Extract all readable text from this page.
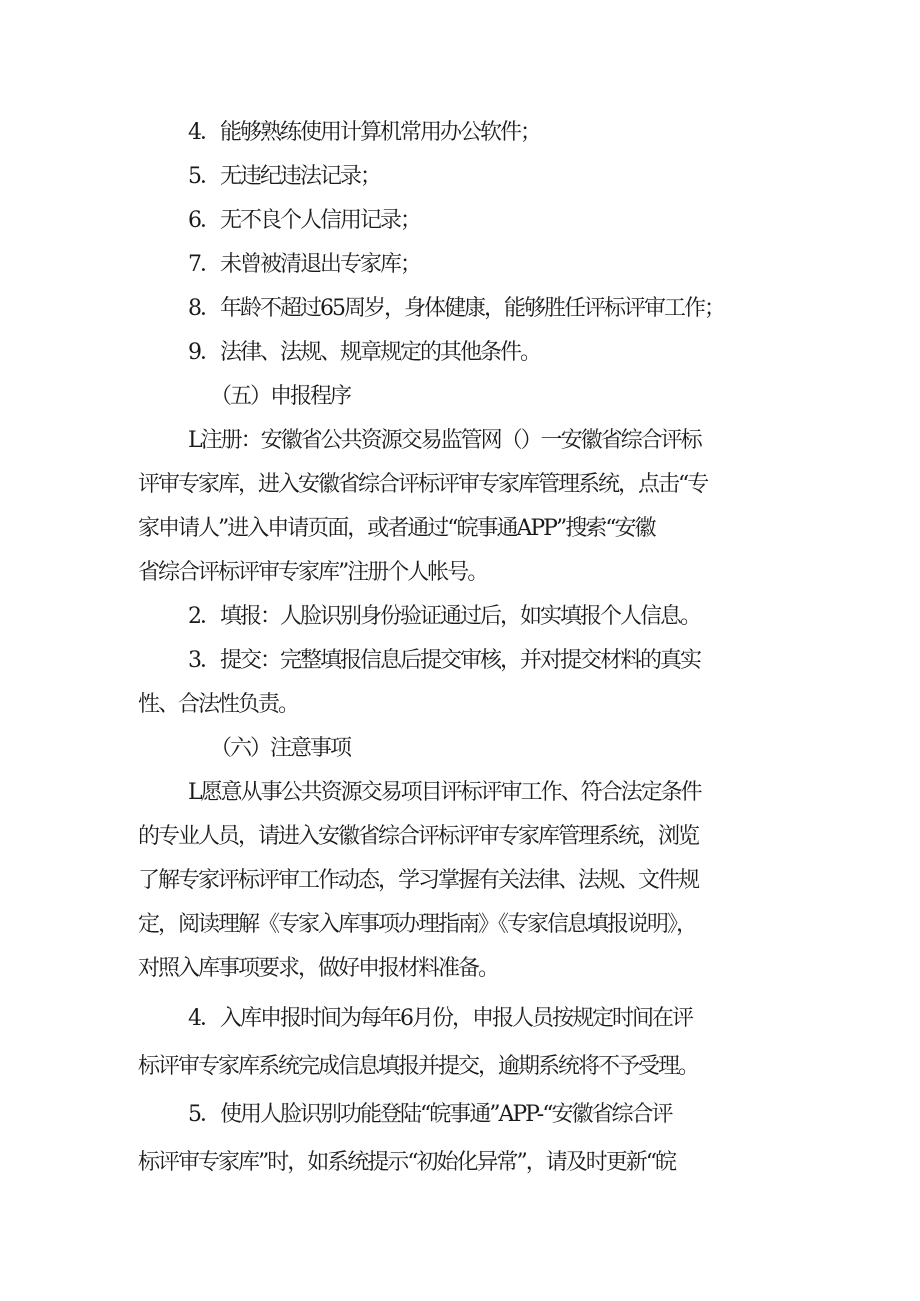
4．能够熟练使用计算机常用办公软件；
5．无违纪违法记录；
6．无不良个人信用记录；
7．未曾被清退出专家库；
8．年龄不超过65周岁，身体健康，能够胜任评标评审工作；
9．法律、法规、规章规定的其他条件。
（五）申报程序
L注册：安徽省公共资源交易监管网（）一安徽省综合评标
评审专家库，进入安徽省综合评标评审专家库管理系统，点击“专
家申请人”进入申请页面，或者通过“皖事通APP”搜索“安徽
省综合评标评审专家库”注册个人帐号。
2．填报：人脸识别身份验证通过后，如实填报个人信息。
3．提交：完整填报信息后提交审核，并对提交材料的真实
性、合法性负责。
（六）注意事项
L愿意从事公共资源交易项目评标评审工作、符合法定条件
的专业人员，请进入安徽省综合评标评审专家库管理系统，浏览
了解专家评标评审工作动态，学习掌握有关法律、法规、文件规
定，阅读理解《专家入库事项办理指南》《专家信息填报说明》，
对照入库事项要求，做好申报材料准备。
4．入库申报时间为每年6月份，申报人员按规定时间在评
标评审专家库系统完成信息填报并提交，逾期系统将不予受理。
5．使用人脸识别功能登陆“皖事通”APP-“安徽省综合评
标评审专家库”时，如系统提示“初始化异常”，请及时更新“皖
